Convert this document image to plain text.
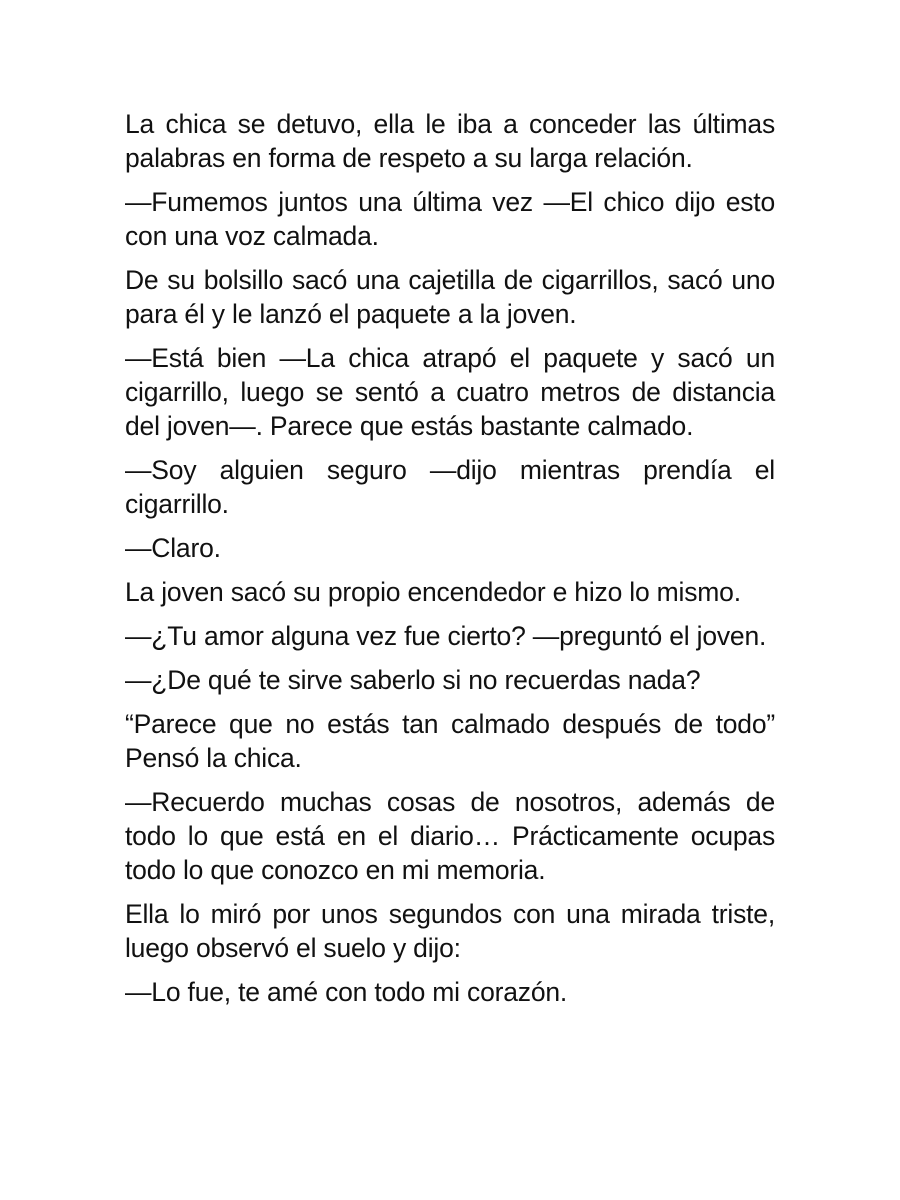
La chica se detuvo, ella le iba a conceder las últimas palabras en forma de respeto a su larga relación.

—Fumemos juntos una última vez —El chico dijo esto con una voz calmada.

De su bolsillo sacó una cajetilla de cigarrillos, sacó uno para él y le lanzó el paquete a la joven.

—Está bien —La chica atrapó el paquete y sacó un cigarrillo, luego se sentó a cuatro metros de distancia del joven—. Parece que estás bastante calmado.

—Soy alguien seguro —dijo mientras prendía el cigarrillo.

—Claro.

La joven sacó su propio encendedor e hizo lo mismo.

—¿Tu amor alguna vez fue cierto? —preguntó el joven.

—¿De qué te sirve saberlo si no recuerdas nada?

“Parece que no estás tan calmado después de todo” Pensó la chica.

—Recuerdo muchas cosas de nosotros, además de todo lo que está en el diario… Prácticamente ocupas todo lo que conozco en mi memoria.

Ella lo miró por unos segundos con una mirada triste, luego observó el suelo y dijo:

—Lo fue, te amé con todo mi corazón.
